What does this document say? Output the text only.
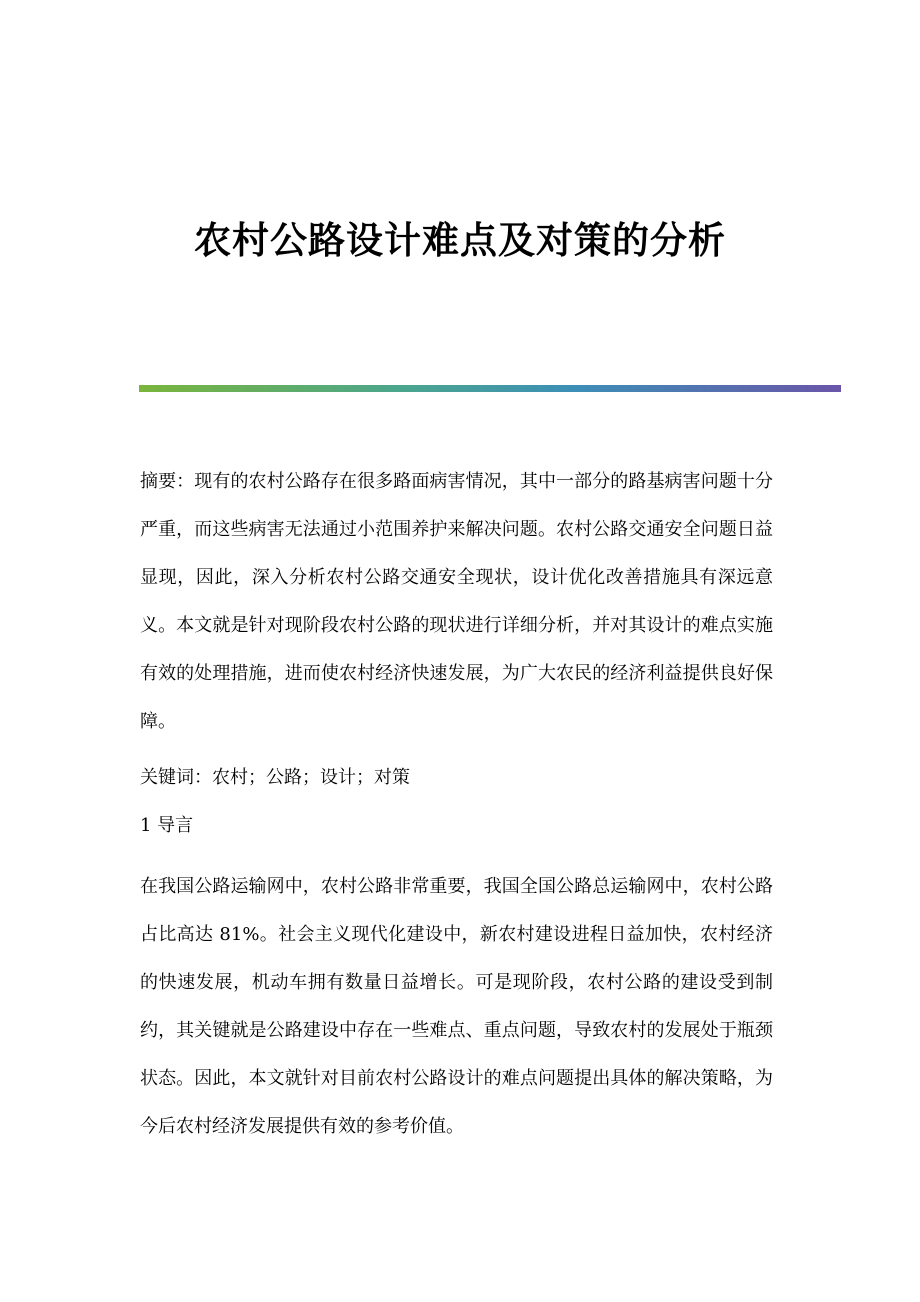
农村公路设计难点及对策的分析

摘要：现有的农村公路存在很多路面病害情况，其中一部分的路基病害问题十分严重，而这些病害无法通过小范围养护来解决问题。农村公路交通安全问题日益显现，因此，深入分析农村公路交通安全现状，设计优化改善措施具有深远意义。本文就是针对现阶段农村公路的现状进行详细分析，并对其设计的难点实施有效的处理措施，进而使农村经济快速发展，为广大农民的经济利益提供良好保障。

关键词：农村；公路；设计；对策

1 导言

在我国公路运输网中，农村公路非常重要，我国全国公路总运输网中，农村公路占比高达 81%。社会主义现代化建设中，新农村建设进程日益加快，农村经济的快速发展，机动车拥有数量日益增长。可是现阶段，农村公路的建设受到制约，其关键就是公路建设中存在一些难点、重点问题，导致农村的发展处于瓶颈状态。因此，本文就针对目前农村公路设计的难点问题提出具体的解决策略，为今后农村经济发展提供有效的参考价值。
